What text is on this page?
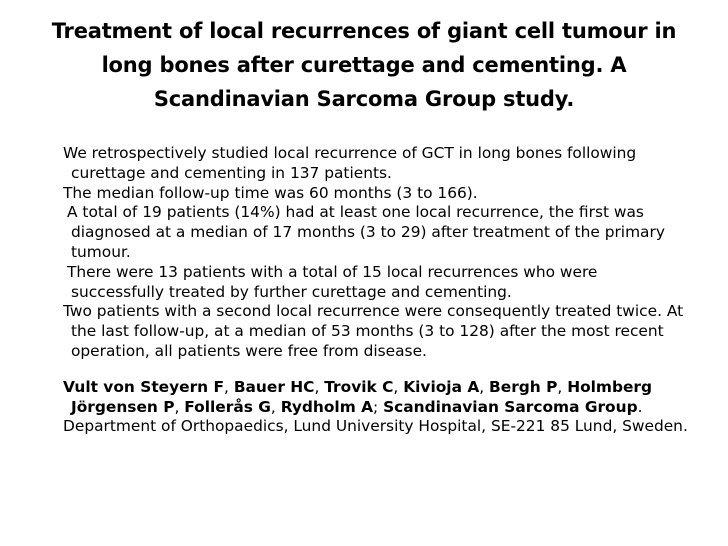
Treatment of local recurrences of giant cell tumour in long bones after curettage and cementing. A Scandinavian Sarcoma Group study.

We retrospectively studied local recurrence of GCT in long bones following curettage and cementing in 137 patients.

The median follow-up time was 60 months (3 to 166).

A total of 19 patients (14%) had at least one local recurrence, the first was diagnosed at a median of 17 months (3 to 29) after treatment of the primary tumour.

There were 13 patients with a total of 15 local recurrences who were successfully treated by further curettage and cementing.

Two patients with a second local recurrence were consequently treated twice. At the last follow-up, at a median of 53 months (3 to 128) after the most recent operation, all patients were free from disease.

Vult von Steyern F, Bauer HC, Trovik C, Kivioja A, Bergh P, Holmberg Jörgensen P, Follerås G, Rydholm A; Scandinavian Sarcoma Group.

Department of Orthopaedics, Lund University Hospital, SE-221 85 Lund, Sweden.
